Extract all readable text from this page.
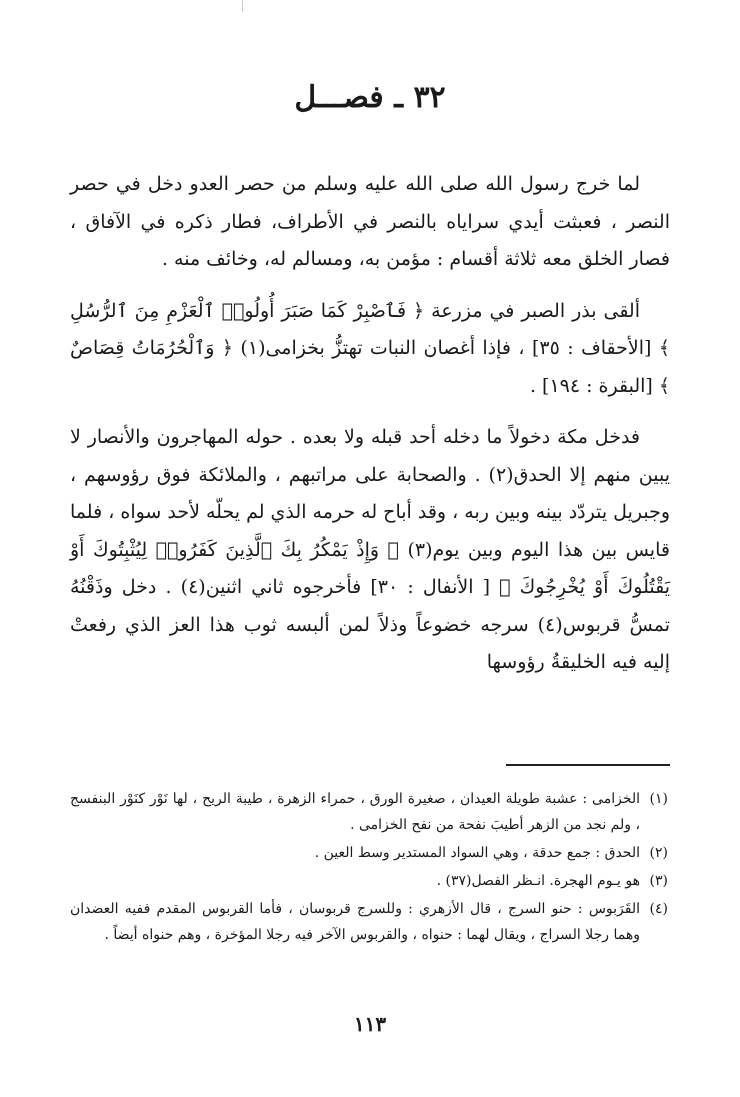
٣٢ ـ فصـــل

لما خرج رسول الله صلى الله عليه وسلم من حصر العدو دخل في حصر النصر ، فعبثت أيدي سراياه بالنصر في الأطراف، فطار ذكره في الآفاق ، فصار الخلق معه ثلاثة أقسام : مؤمن به، ومسالم له، وخائف منه .

ألقى بذر الصبر في مزرعة ﴿ فَٱصْبِرْ كَمَا صَبَرَ أُولُوا۟ ٱلْعَزْمِ مِنَ ٱلرُّسُلِ ﴾ [الأحقاف : ٣٥] ، فإذا أغصان النبات تهتزُّ بخزامى(١) ﴿ وَٱلْحُرُمَاتُ قِصَاصٌ ﴾ [البقرة : ١٩٤] .

فدخل مكة دخولاً ما دخله أحد قبله ولا بعده . حوله المهاجرون والأنصار لا يبين منهم إلا الحدق(٢) . والصحابة على مراتبهم ، والملائكة فوق رؤوسهم ، وجبريل يتردّد بينه وبين ربه ، وقد أباح له حرمه الذي لم يحلّه لأحد سواه ، فلما قايس بين هذا اليوم وبين يوم(٣) ﴿ وَإِذْ يَمْكُرُ بِكَ ٱلَّذِينَ كَفَرُوا۟ لِيُثْبِتُوكَ أَوْ يَقْتُلُوكَ أَوْ يُخْرِجُوكَ ﴾ [ الأنفال : ٣٠] فأخرجوه ثاني اثنين(٤) . دخل وذَقْنُهُ تمسُّ قربوس(٤) سرجه خضوعاً وذلاً لمن ألبسه ثوب هذا العز الذي رفعتْ إليه فيه الخليقةُ رؤوسها

(١)
الخزامى : عشبة طويلة العيدان ، صغيرة الورق ، حمراء الزهرة ، طيبة الريح ، لها نَوْر كنَوْر البنفسج ، ولم نجد من الزهر أطيبَ نفحة من نفح الخزامى .

(٢)
الحدق : جمع حدقة ، وهي السواد المستدير وسط العين .

(٣)
هو يـوم الهجرة. انـظر الفصل(٣٧) .

(٤)
القَرَبوس : حنو السرج ، قال الأزهري : وللسرج قربوسان ، فأما القربوس المقدم ففيه العضدان وهما رجلا السراج ، ويقال لهما : حنواه ، والقربوس الآخر فيه رجلا المؤخرة ، وهم حنواه أيضاً .

١١٣
